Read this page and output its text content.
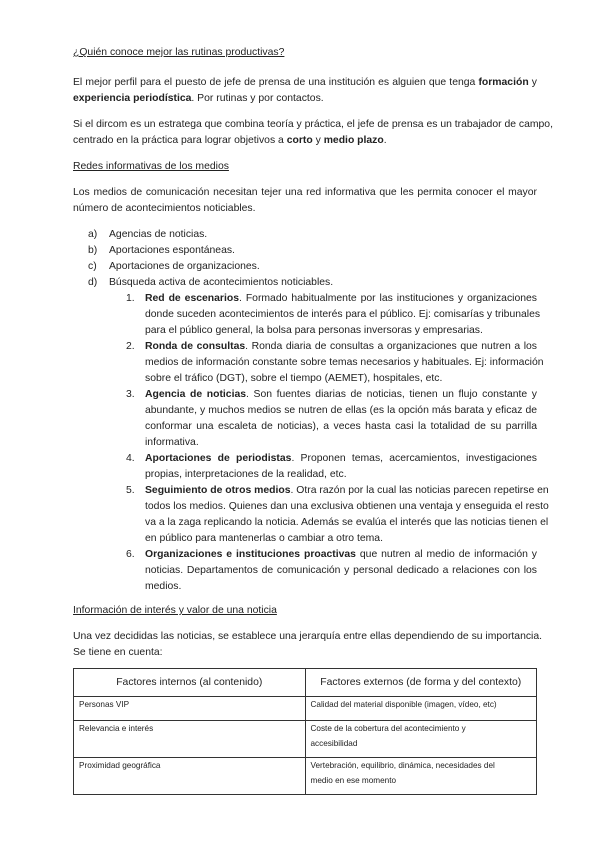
¿Quién conoce mejor las rutinas productivas?
El mejor perfil para el puesto de jefe de prensa de una institución es alguien que tenga formación y
experiencia periodística. Por rutinas y por contactos.
Si el dircom es un estratega que combina teoría y práctica, el jefe de prensa es un trabajador de campo,
centrado en la práctica para lograr objetivos a corto y medio plazo.
Redes informativas de los medios
Los medios de comunicación necesitan tejer una red informativa que les permita conocer el mayor
número de acontecimientos noticiables.
a) Agencias de noticias.
b) Aportaciones espontáneas.
c) Aportaciones de organizaciones.
d) Búsqueda activa de acontecimientos noticiables.
1. Red de escenarios. Formado habitualmente por las instituciones y organizaciones
donde suceden acontecimientos de interés para el público. Ej: comisarías y tribunales
para el público general, la bolsa para personas inversoras y empresarias.
2. Ronda de consultas. Ronda diaria de consultas a organizaciones que nutren a los
medios de información constante sobre temas necesarios y habituales. Ej: información
sobre el tráfico (DGT), sobre el tiempo (AEMET), hospitales, etc.
3. Agencia de noticias. Son fuentes diarias de noticias, tienen un flujo constante y
abundante, y muchos medios se nutren de ellas (es la opción más barata y eficaz de
conformar una escaleta de noticias), a veces hasta casi la totalidad de su parrilla
informativa.
4. Aportaciones de periodistas. Proponen temas, acercamientos, investigaciones
propias, interpretaciones de la realidad, etc.
5. Seguimiento de otros medios. Otra razón por la cual las noticias parecen repetirse en
todos los medios. Quienes dan una exclusiva obtienen una ventaja y enseguida el resto
va a la zaga replicando la noticia. Además se evalúa el interés que las noticias tienen el
en público para mantenerlas o cambiar a otro tema.
6. Organizaciones e instituciones proactivas que nutren al medio de información y
noticias. Departamentos de comunicación y personal dedicado a relaciones con los
medios.
Información de interés y valor de una noticia
Una vez decididas las noticias, se establece una jerarquía entre ellas dependiendo de su importancia.
Se tiene en cuenta:
Factores internos (al contenido)	Factores externos (de forma y del contexto)
Personas VIP	Calidad del material disponible (imagen, vídeo, etc)
Relevancia e interés	Coste de la cobertura del acontecimiento y
accesibilidad

Proximidad geográfica	Vertebración, equilibrio, dinámica, necesidades del
medio en ese momento
